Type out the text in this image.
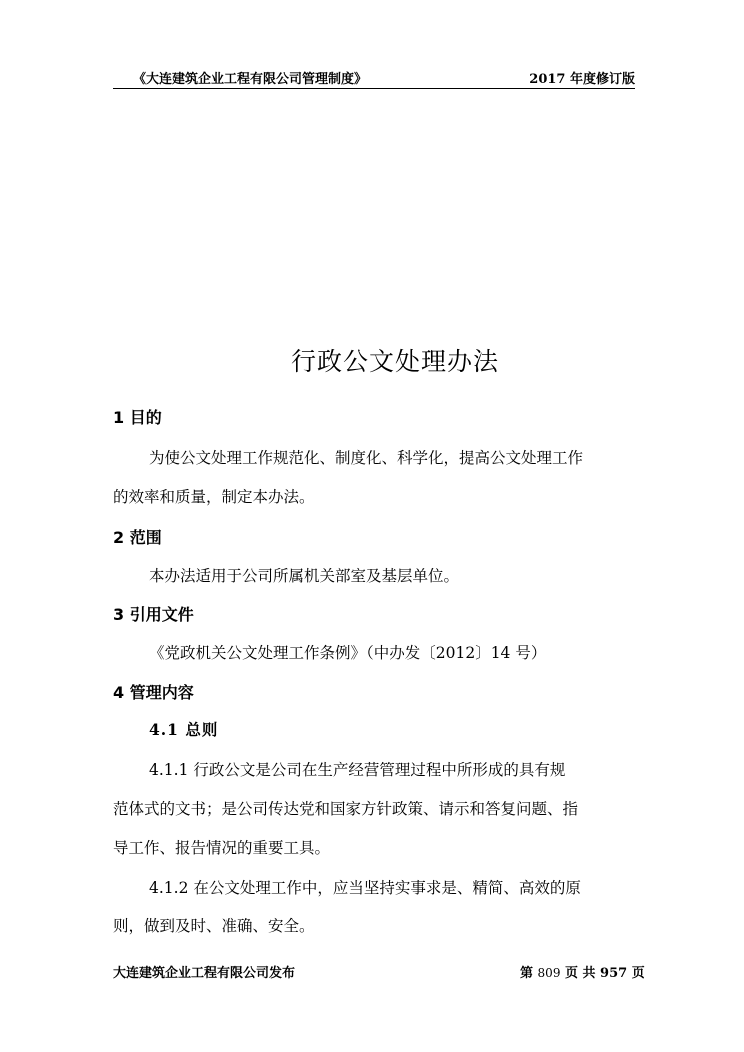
《大连建筑企业工程有限公司管理制度》	2017 年度修订版
行政公文处理办法
1 目的
为使公文处理工作规范化、制度化、科学化，提高公文处理工作
的效率和质量，制定本办法。
2 范围
本办法适用于公司所属机关部室及基层单位。
3 引用文件
《党政机关公文处理工作条例》（中办发〔2012〕14 号）
4 管理内容
4.1 总则
4.1.1 行政公文是公司在生产经营管理过程中所形成的具有规
范体式的文书；是公司传达党和国家方针政策、请示和答复问题、指
导工作、报告情况的重要工具。
4.1.2 在公文处理工作中，应当坚持实事求是、精简、高效的原
则，做到及时、准确、安全。
大连建筑企业工程有限公司发布	第 809 页 共 957 页
